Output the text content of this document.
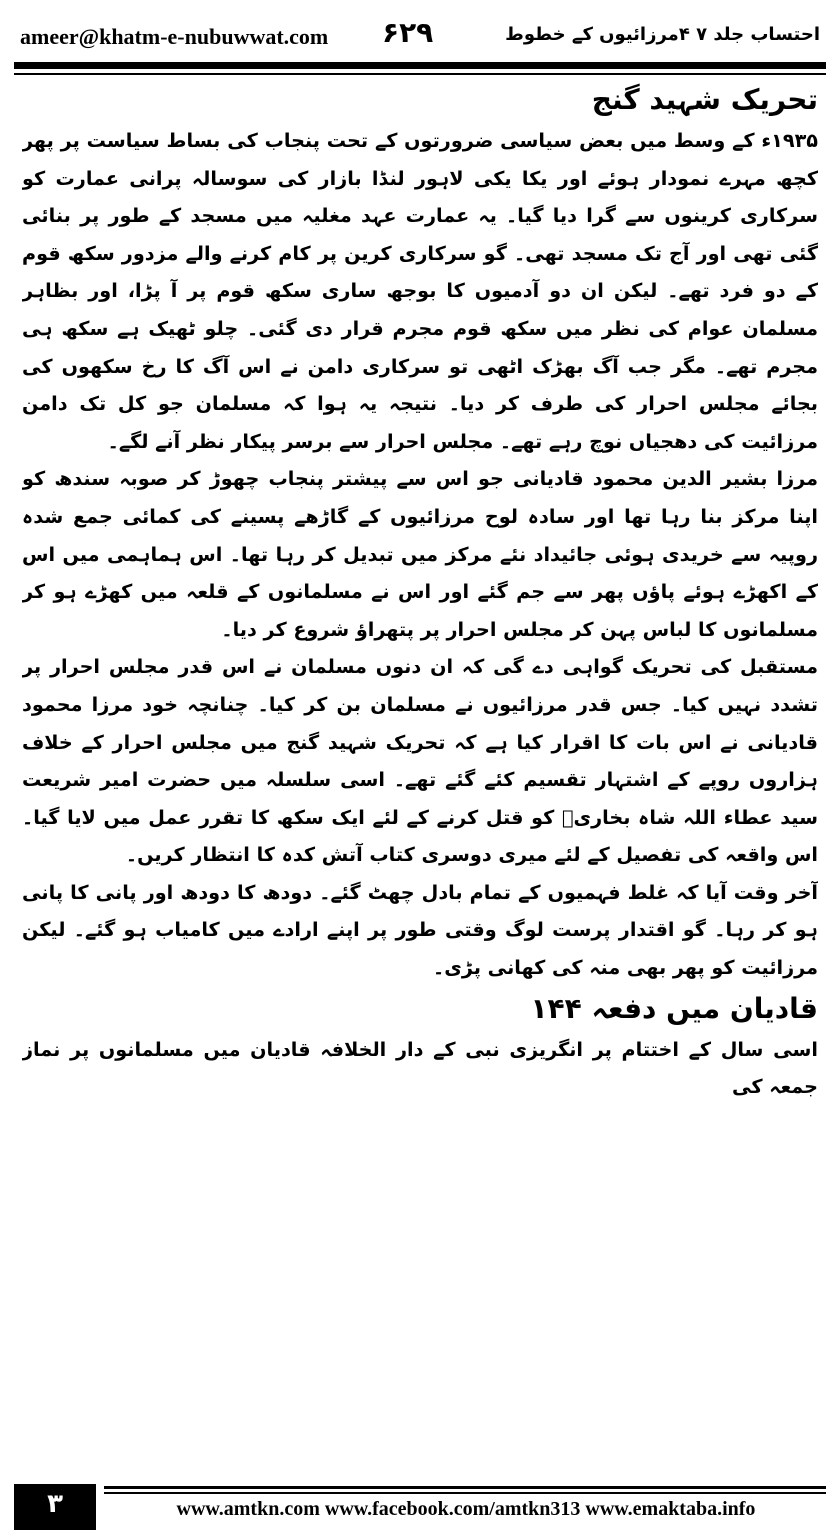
ameer@khatm-e-nubuwwat.com ۶۲۹	احتساب جلد ۷ ۴مرزائیوں کے خطوط
تحریک شہید گنج

۱۹۳۵ء کے وسط میں بعض سیاسی ضرورتوں کے تحت پنجاب کی بساط سیاست پر پھر کچھ مہرے نمودار ہوئے اور یکا یکی لاہور لنڈا بازار کی سوسالہ پرانی عمارت کو سرکاری کرینوں سے گرا دیا گیا۔ یہ عمارت عہد مغلیہ میں مسجد کے طور پر بنائی گئی تھی اور آج تک مسجد تھی۔ گو سرکاری کرین پر کام کرنے والے مزدور سکھ قوم کے دو فرد تھے۔ لیکن ان دو آدمیوں کا بوجھ ساری سکھ قوم پر آ پڑا، اور بظاہر مسلمان عوام کی نظر میں سکھ قوم مجرم قرار دی گئی۔ چلو ٹھیک ہے سکھ ہی مجرم تھے۔ مگر جب آگ بھڑک اٹھی تو سرکاری دامن نے اس آگ کا رخ سکھوں کی بجائے مجلس احرار کی طرف کر دیا۔ نتیجہ یہ ہوا کہ مسلمان جو کل تک دامن مرزائیت کی دھجیاں نوچ رہے تھے۔ مجلس احرار سے برسر پیکار نظر آنے لگے۔

مرزا بشیر الدین محمود قادیانی جو اس سے پیشتر پنجاب چھوڑ کر صوبہ سندھ کو اپنا مرکز بنا رہا تھا اور سادہ لوح مرزائیوں کے گاڑھے پسینے کی کمائی جمع شدہ روپیہ سے خریدی ہوئی جائیداد نئے مرکز میں تبدیل کر رہا تھا۔ اس ہماہمی میں اس کے اکھڑے ہوئے پاؤں پھر سے جم گئے اور اس نے مسلمانوں کے قلعہ میں کھڑے ہو کر مسلمانوں کا لباس پہن کر مجلس احرار پر پتھراؤ شروع کر دیا۔

مستقبل کی تحریک گواہی دے گی کہ ان دنوں مسلمان نے اس قدر مجلس احرار پر تشدد نہیں کیا۔ جس قدر مرزائیوں نے مسلمان بن کر کیا۔ چنانچہ خود مرزا محمود قادیانی نے اس بات کا اقرار کیا ہے کہ تحریک شہید گنج میں مجلس احرار کے خلاف ہزاروں روپے کے اشتہار تقسیم کئے گئے تھے۔ اسی سلسلہ میں حضرت امیر شریعت سید عطاء اللہ شاہ بخاریؒ کو قتل کرنے کے لئے ایک سکھ کا تقرر عمل میں لایا گیا۔ اس واقعہ کی تفصیل کے لئے میری دوسری کتاب آتش کدہ کا انتظار کریں۔

آخر وقت آیا کہ غلط فہمیوں کے تمام بادل چھٹ گئے۔ دودھ کا دودھ اور پانی کا پانی ہو کر رہا۔ گو اقتدار پرست لوگ وقتی طور پر اپنے ارادے میں کامیاب ہو گئے۔ لیکن مرزائیت کو پھر بھی منہ کی کھانی پڑی۔

قادیان میں دفعہ ۱۴۴

اسی سال کے اختتام پر انگریزی نبی کے دار الخلافہ قادیان میں مسلمانوں پر نماز جمعہ کی

۳	www.amtkn.com www.facebook.com/amtkn313 www.emaktaba.info
